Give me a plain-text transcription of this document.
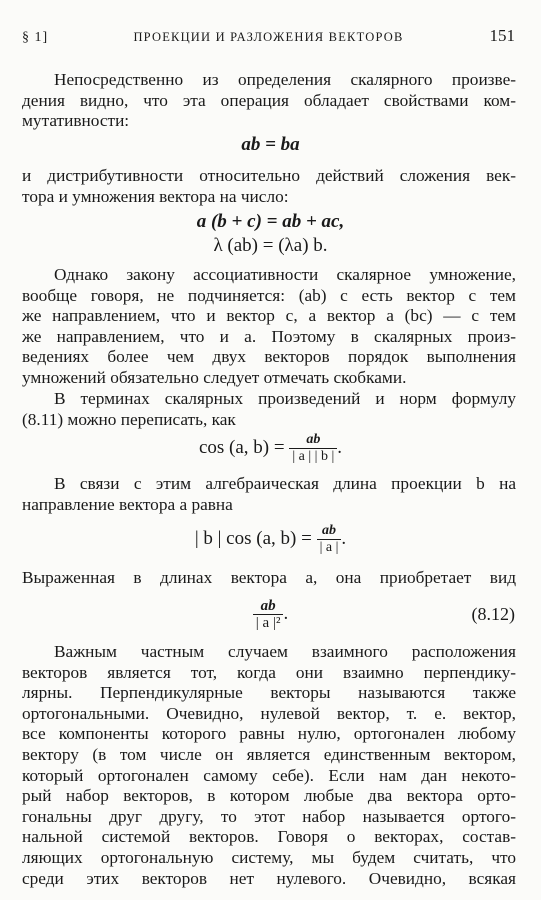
§ 1]	ПРОЕКЦИИ И РАЗЛОЖЕНИЯ ВЕКТОРОВ	151
Непосредственно из определения скалярного произве-
дения видно, что эта операция обладает свойствами ком-
мутативности:
ab = ba
и дистрибутивности относительно действий сложения век-
тора и умножения вектора на число:
a (b + c) = ab + ac,
λ (ab) = (λa) b.
Однако закону ассоциативности скалярное умножение,
вообще говоря, не подчиняется: (ab) c есть вектор с тем
же направлением, что и вектор c, а вектор a (bc) — с тем
же направлением, что и a. Поэтому в скалярных произ-
ведениях более чем двух векторов порядок выполнения
умножений обязательно следует отмечать скобками.
В терминах скалярных произведений и норм формулу
(8.11) можно переписать, как
cos (a, $b) = \frac{ab}{| a | | b |}$ .
В связи с этим алгебраическая длина проекции b на
направление вектора a равна
| b | cos (a, $b) = \frac{ab}{| a |}$ .
Выраженная в длинах вектора a, она приобретает вид
$\frac{ab}{\text{| a |²}}$ .	(8.12)
Важным частным случаем взаимного расположения
векторов является тот, когда они взаимно перпендику-
лярны. Перпендикулярные векторы называются также
ортогональными. Очевидно, нулевой вектор, т. е. вектор,
все компоненты которого равны нулю, ортогонален любому
вектору (в том числе он является единственным вектором,
который ортогонален самому себе). Если нам дан некото-
рый набор векторов, в котором любые два вектора орто-
гональны друг другу, то этот набор называется ортого-
нальной системой векторов. Говоря о векторах, состав-
ляющих ортогональную систему, мы будем считать, что
среди этих векторов нет нулевого. Очевидно, всякая
